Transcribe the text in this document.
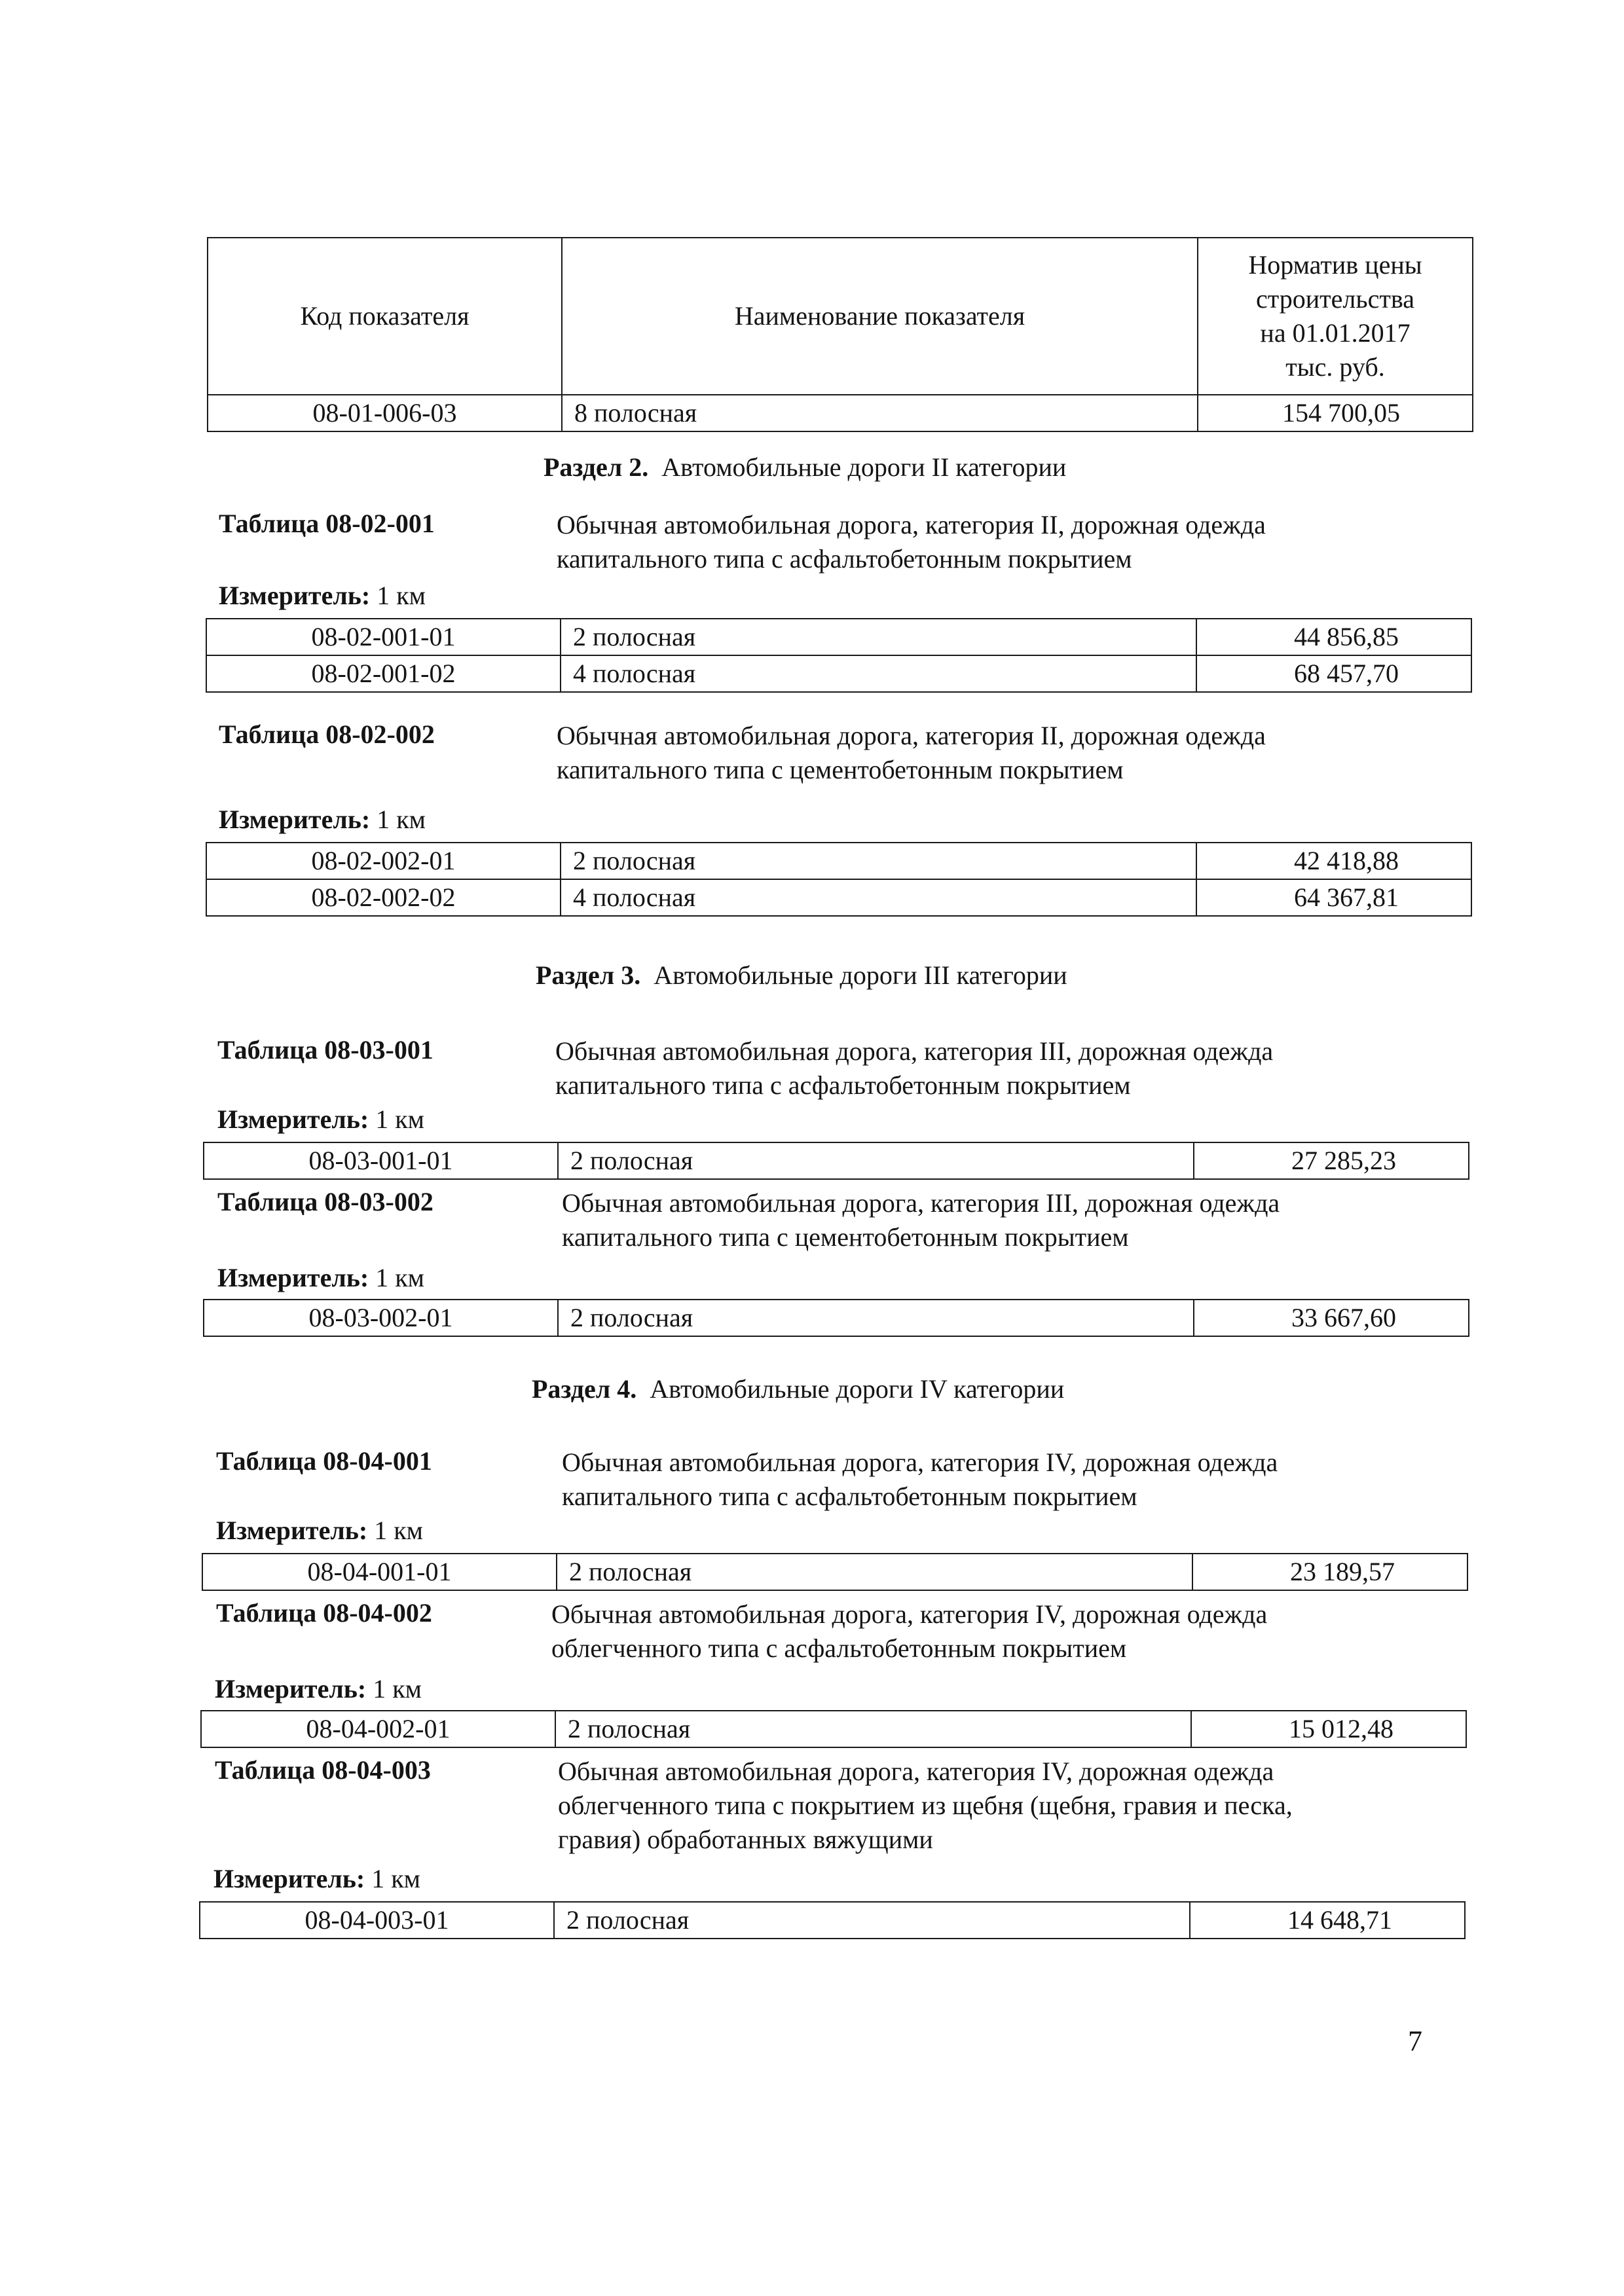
Код показателя	Наименование показателя	Норматив цены
строительства
на 01.01.2017
тыс. руб.

08-01-006-03	8 полосная	154 700,05
Раздел 2. Автомобильные дороги II категории
Таблица 08-02-001	Обычная автомобильная дорога, категория II, дорожная одежда
капитального типа с асфальтобетонным покрытием
Измеритель: 1 км
08-02-001-01	2 полосная	44 856,85
08-02-001-02	4 полосная	68 457,70
Таблица 08-02-002	Обычная автомобильная дорога, категория II, дорожная одежда
капитального типа с цементобетонным покрытием
Измеритель: 1 км
08-02-002-01	2 полосная	42 418,88
08-02-002-02	4 полосная	64 367,81
Раздел 3. Автомобильные дороги III категории
Таблица 08-03-001	Обычная автомобильная дорога, категория III, дорожная одежда
капитального типа с асфальтобетонным покрытием
Измеритель: 1 км
08-03-001-01	2 полосная	27 285,23
Таблица 08-03-002	Обычная автомобильная дорога, категория III, дорожная одежда
капитального типа с цементобетонным покрытием
Измеритель: 1 км
08-03-002-01	2 полосная	33 667,60
Раздел 4. Автомобильные дороги IV категории
Таблица 08-04-001	Обычная автомобильная дорога, категория IV, дорожная одежда
капитального типа с асфальтобетонным покрытием
Измеритель: 1 км
08-04-001-01	2 полосная	23 189,57
Таблица 08-04-002	Обычная автомобильная дорога, категория IV, дорожная одежда
облегченного типа с асфальтобетонным покрытием
Измеритель: 1 км
08-04-002-01	2 полосная	15 012,48
Таблица 08-04-003	Обычная автомобильная дорога, категория IV, дорожная одежда
облегченного типа с покрытием из щебня (щебня, гравия и песка,
гравия) обработанных вяжущими
Измеритель: 1 км
08-04-003-01	2 полосная	14 648,71
7
